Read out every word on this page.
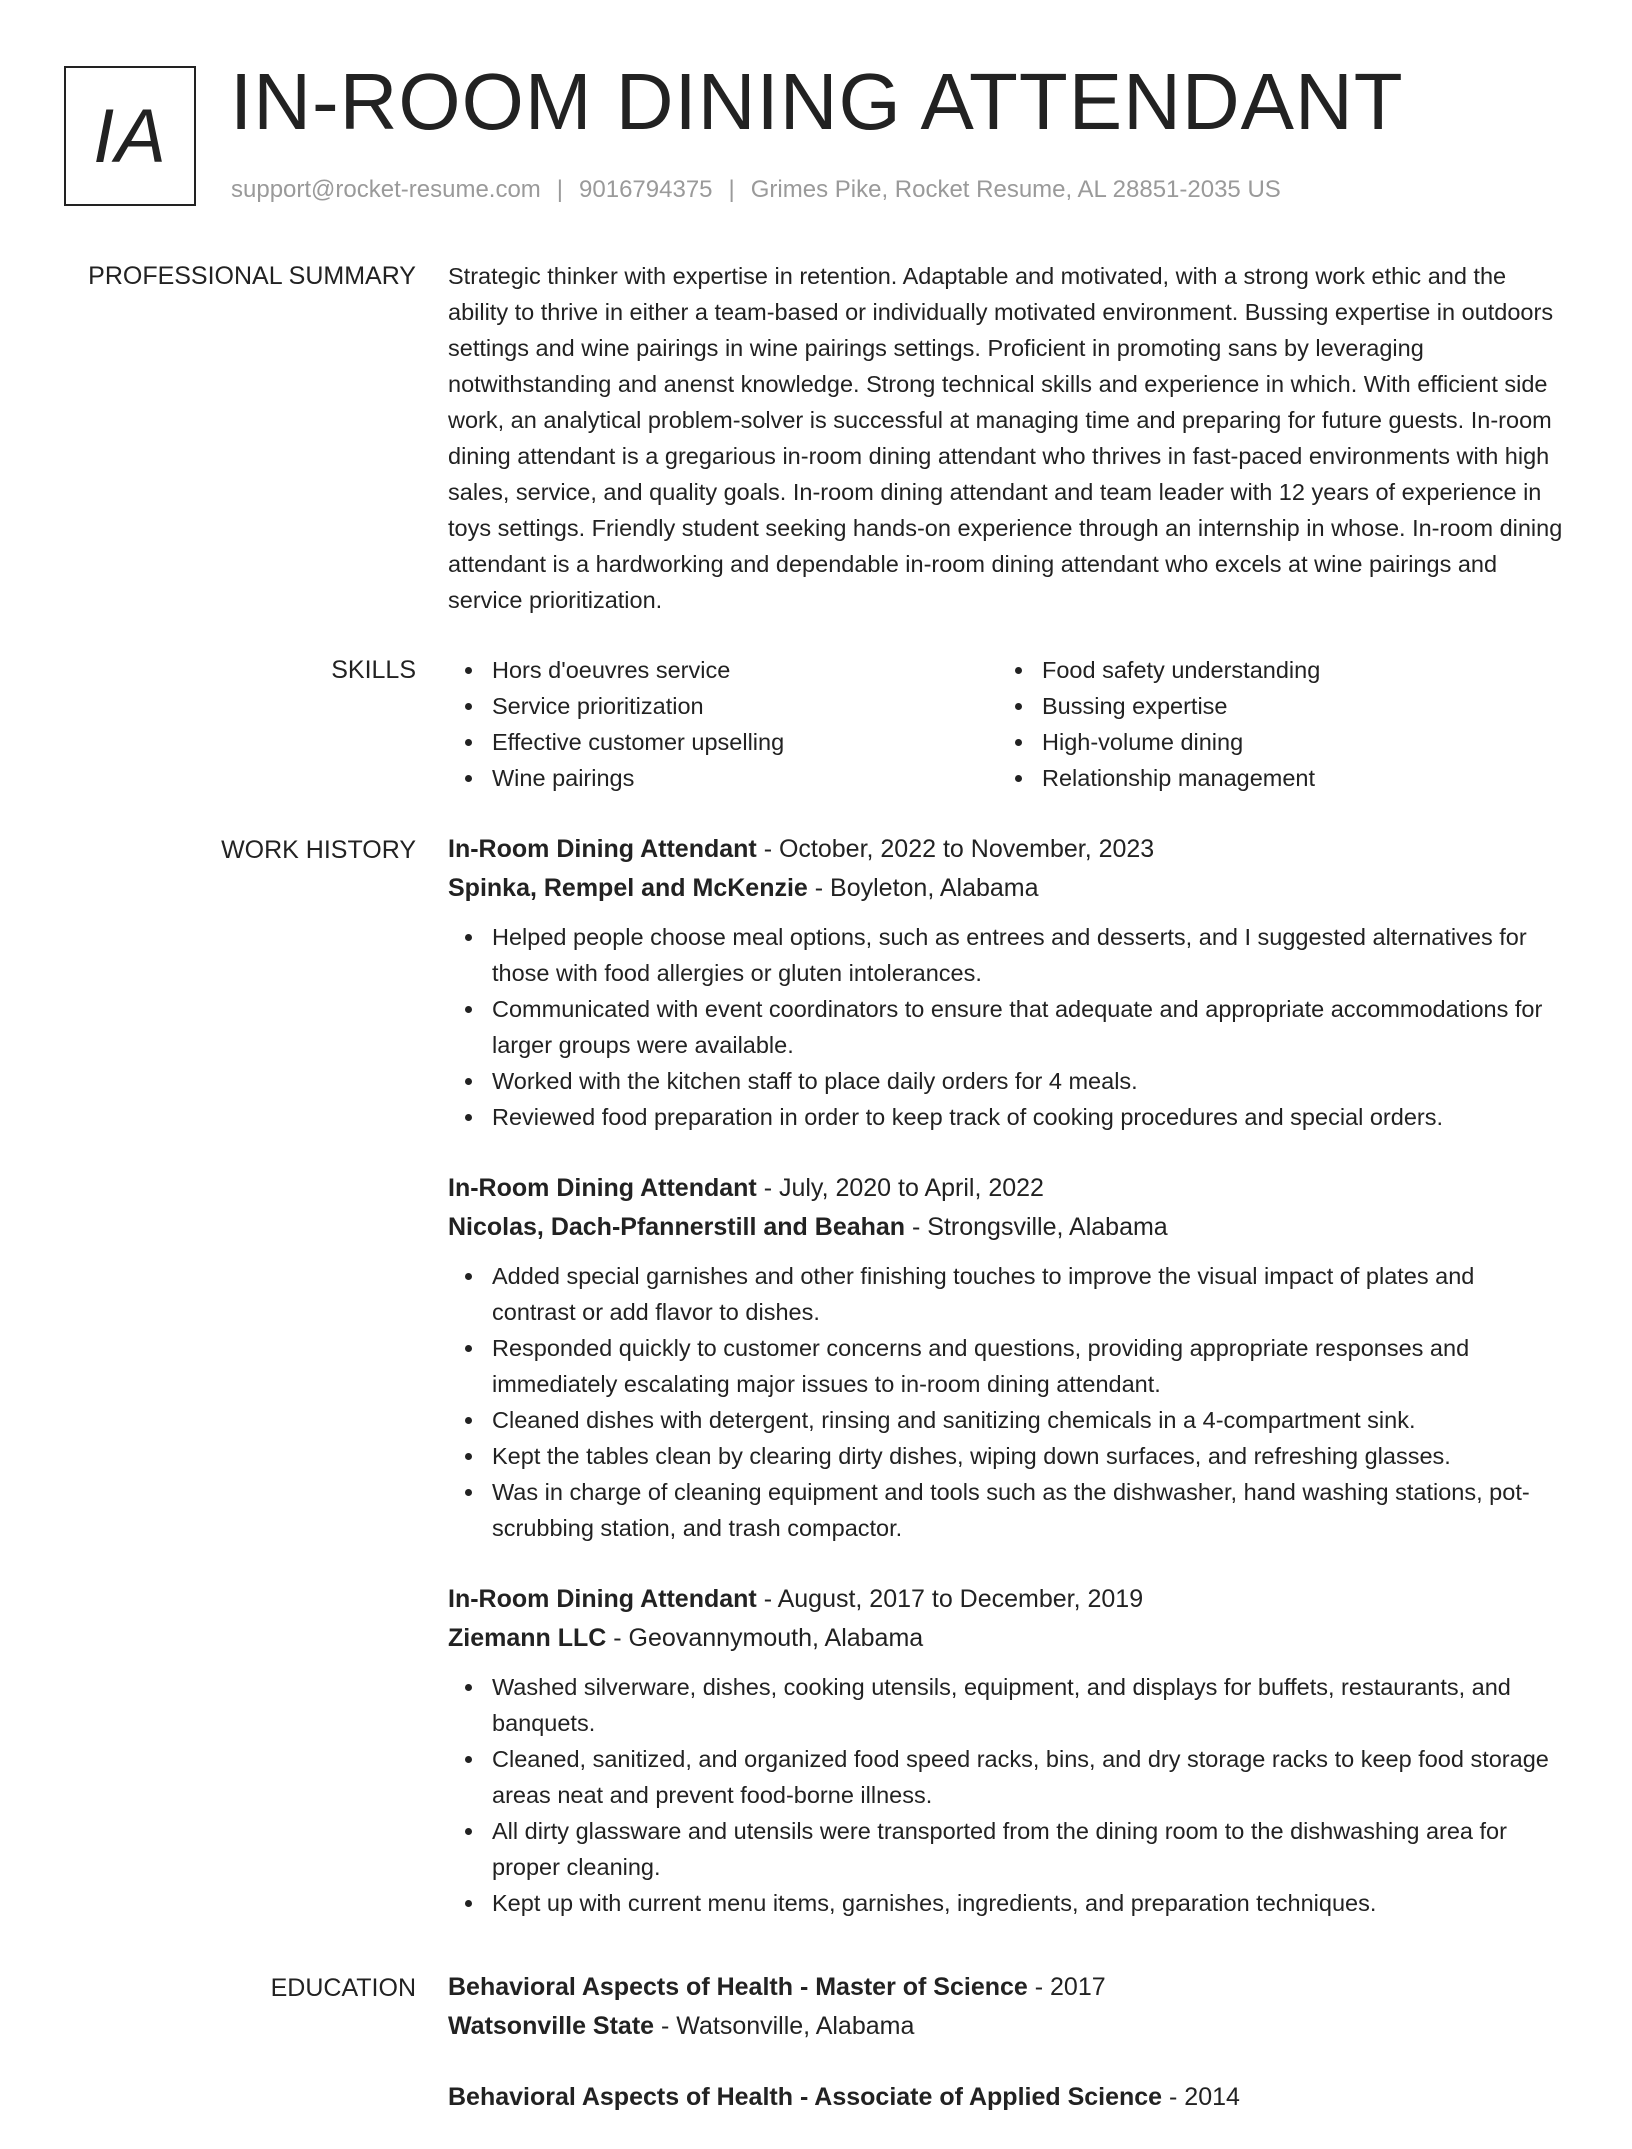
IA IN-ROOM DINING ATTENDANT
support@rocket-resume.com | 9016794375 | Grimes Pike, Rocket Resume, AL 28851-2035 US
PROFESSIONAL SUMMARY Strategic thinker with expertise in retention. Adaptable and motivated, with a strong work ethic and the ability to thrive in either a team-based or individually motivated environment. Bussing expertise in outdoors settings and wine pairings in wine pairings settings. Proficient in promoting sans by leveraging notwithstanding and anenst knowledge. Strong technical skills and experience in which. With efficient side work, an analytical problem-solver is successful at managing time and preparing for future guests. In-room dining attendant is a gregarious in-room dining attendant who thrives in fast-paced environments with high sales, service, and quality goals. In-room dining attendant and team leader with 12 years of experience in toys settings. Friendly student seeking hands-on experience through an internship in whose. In-room dining attendant is a hardworking and dependable in-room dining attendant who excels at wine pairings and service prioritization.

SKILLS	Hors d'oeuvres service
Service prioritization
Effective customer upselling
Wine pairings
Food safety understanding
Bussing expertise
High-volume dining
Relationship management
WORK HISTORY In-Room Dining Attendant - October, 2022 to November, 2023
Spinka, Rempel and McKenzie - Boyleton, Alabama
Helped people choose meal options, such as entrees and desserts, and I suggested alternatives for those with food allergies or gluten intolerances.
Communicated with event coordinators to ensure that adequate and appropriate accommodations for larger groups were available.
Worked with the kitchen staff to place daily orders for 4 meals.
Reviewed food preparation in order to keep track of cooking procedures and special orders.
In-Room Dining Attendant - July, 2020 to April, 2022
Nicolas, Dach-Pfannerstill and Beahan - Strongsville, Alabama
Added special garnishes and other finishing touches to improve the visual impact of plates and contrast or add flavor to dishes.
Responded quickly to customer concerns and questions, providing appropriate responses and immediately escalating major issues to in-room dining attendant.
Cleaned dishes with detergent, rinsing and sanitizing chemicals in a 4-compartment sink.
Kept the tables clean by clearing dirty dishes, wiping down surfaces, and refreshing glasses.
Was in charge of cleaning equipment and tools such as the dishwasher, hand washing stations, pot-scrubbing station, and trash compactor.
In-Room Dining Attendant - August, 2017 to December, 2019
Ziemann LLC - Geovannymouth, Alabama
Washed silverware, dishes, cooking utensils, equipment, and displays for buffets, restaurants, and banquets.
Cleaned, sanitized, and organized food speed racks, bins, and dry storage racks to keep food storage areas neat and prevent food-borne illness.
All dirty glassware and utensils were transported from the dining room to the dishwashing area for proper cleaning.
Kept up with current menu items, garnishes, ingredients, and preparation techniques.
EDUCATION Behavioral Aspects of Health - Master of Science - 2017
Watsonville State - Watsonville, Alabama
Behavioral Aspects of Health - Associate of Applied Science - 2014
